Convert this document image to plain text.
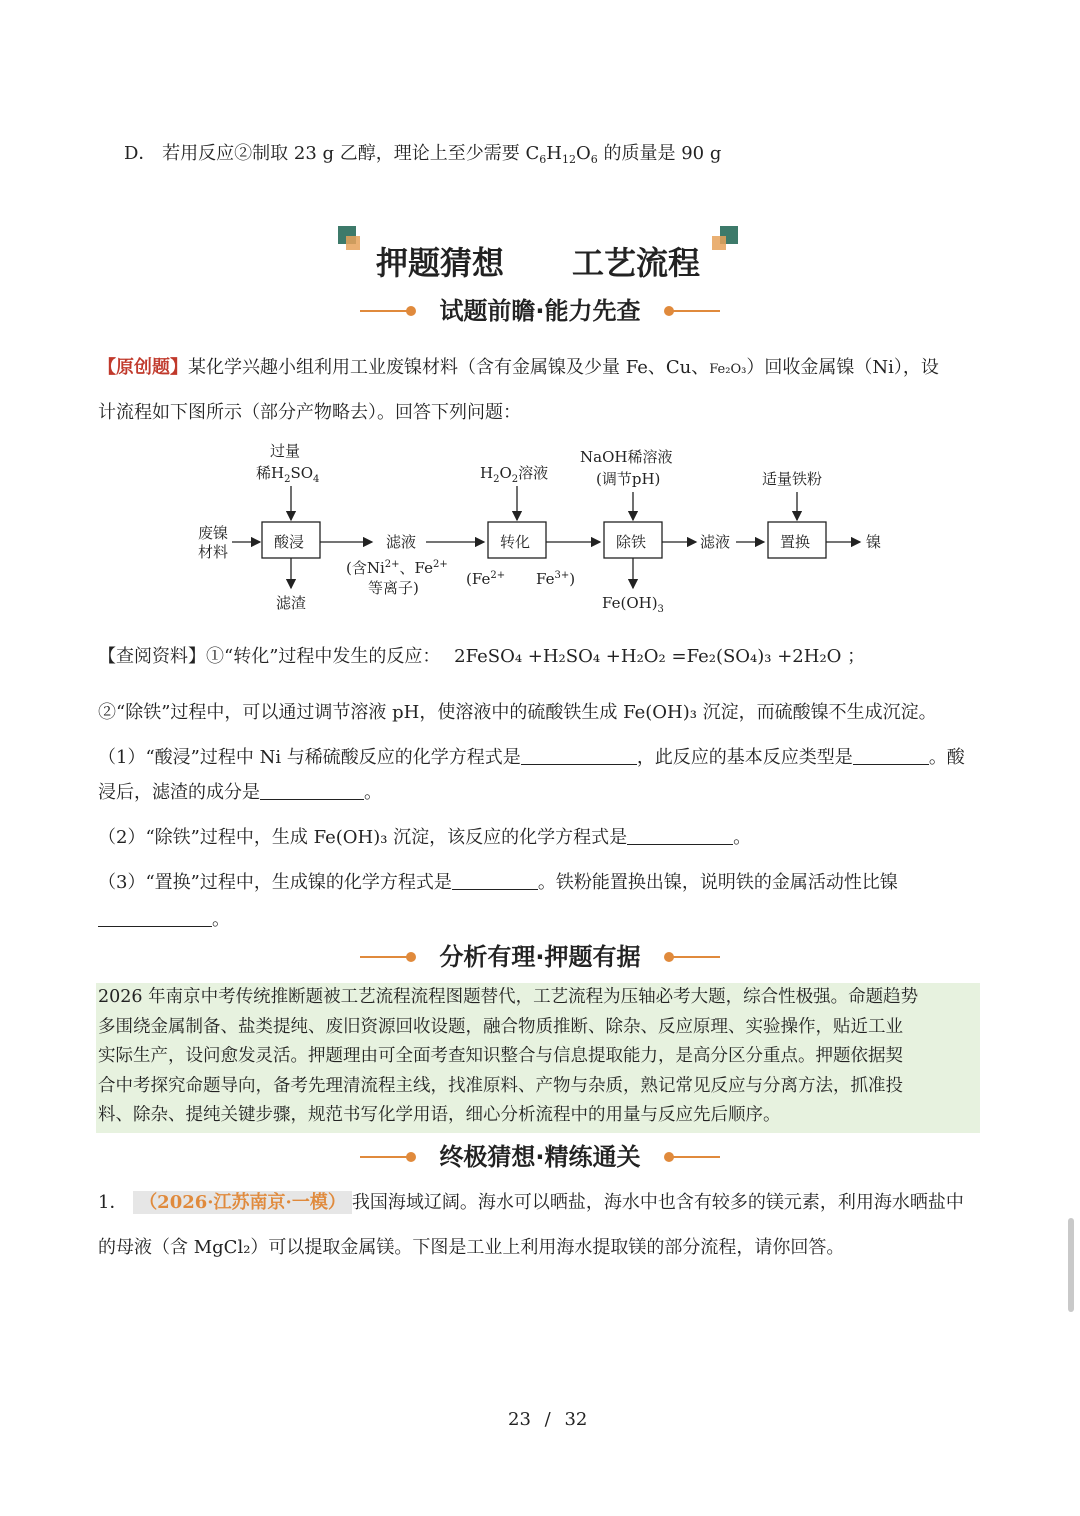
D． 若用反应②制取 23 g 乙醇，理论上至少需要 $C_6H_{12}O_6$ 的质量是 90 g
押题猜想 工艺流程
试题前瞻·能力先查
【原创题】某化学兴趣小组利用工业废镍材料（含有金属镍及少量 Fe、Cu、Fe₂O₃）回收金属镍（Ni），设
计流程如下图所示（部分产物略去）。回答下列问题：
废镍
材料
过量
稀$H_2SO_4$
酸浸
滤渣
滤液
(含$Ni^{2+}$、$Fe^{2+}$
等离子)
$H_2O_2$溶液
转化
($Fe^{2+}$ $Fe^{3+}$)
NaOH稀溶液
(调节pH)
除铁
$Fe(OH)_3$
滤液
适量铁粉
置换	镍
【查阅资料】①“转化”过程中发生的反应： 2FeSO₄ +H₂SO₄ +H₂O₂ =Fe₂(SO₄)₃ +2H₂O ；
②“除铁”过程中，可以通过调节溶液 pH，使溶液中的硫酸铁生成 Fe(OH)₃ 沉淀，而硫酸镍不生成沉淀。
（1）“酸浸”过程中 Ni 与稀硫酸反应的化学方程式是	，此反应的基本反应类型是	。酸
浸后，滤渣的成分是	。
（2）“除铁”过程中，生成 Fe(OH)₃ 沉淀，该反应的化学方程式是	。
（3）“置换”过程中，生成镍的化学方程式是	。铁粉能置换出镍，说明铁的金属活动性比镍
。
分析有理·押题有据

2026 年南京中考传统推断题被工艺流程流程图题替代，工艺流程为压轴必考大题，综合性极强。命题趋势

多围绕金属制备、盐类提纯、废旧资源回收设题，融合物质推断、除杂、反应原理、实验操作，贴近工业

实际生产，设问愈发灵活。押题理由可全面考查知识整合与信息提取能力，是高分区分重点。押题依据契

合中考探究命题导向，备考先理清流程主线，找准原料、产物与杂质，熟记常见反应与分离方法，抓准投

料、除杂、提纯关键步骤，规范书写化学用语，细心分析流程中的用量与反应先后顺序。

终极猜想·精练通关
1． （2026·江苏南京·一模） 我国海域辽阔。海水可以晒盐，海水中也含有较多的镁元素，利用海水晒盐中
的母液（含 MgCl₂）可以提取金属镁。下图是工业上利用海水提取镁的部分流程，请你回答。
23 / 32
